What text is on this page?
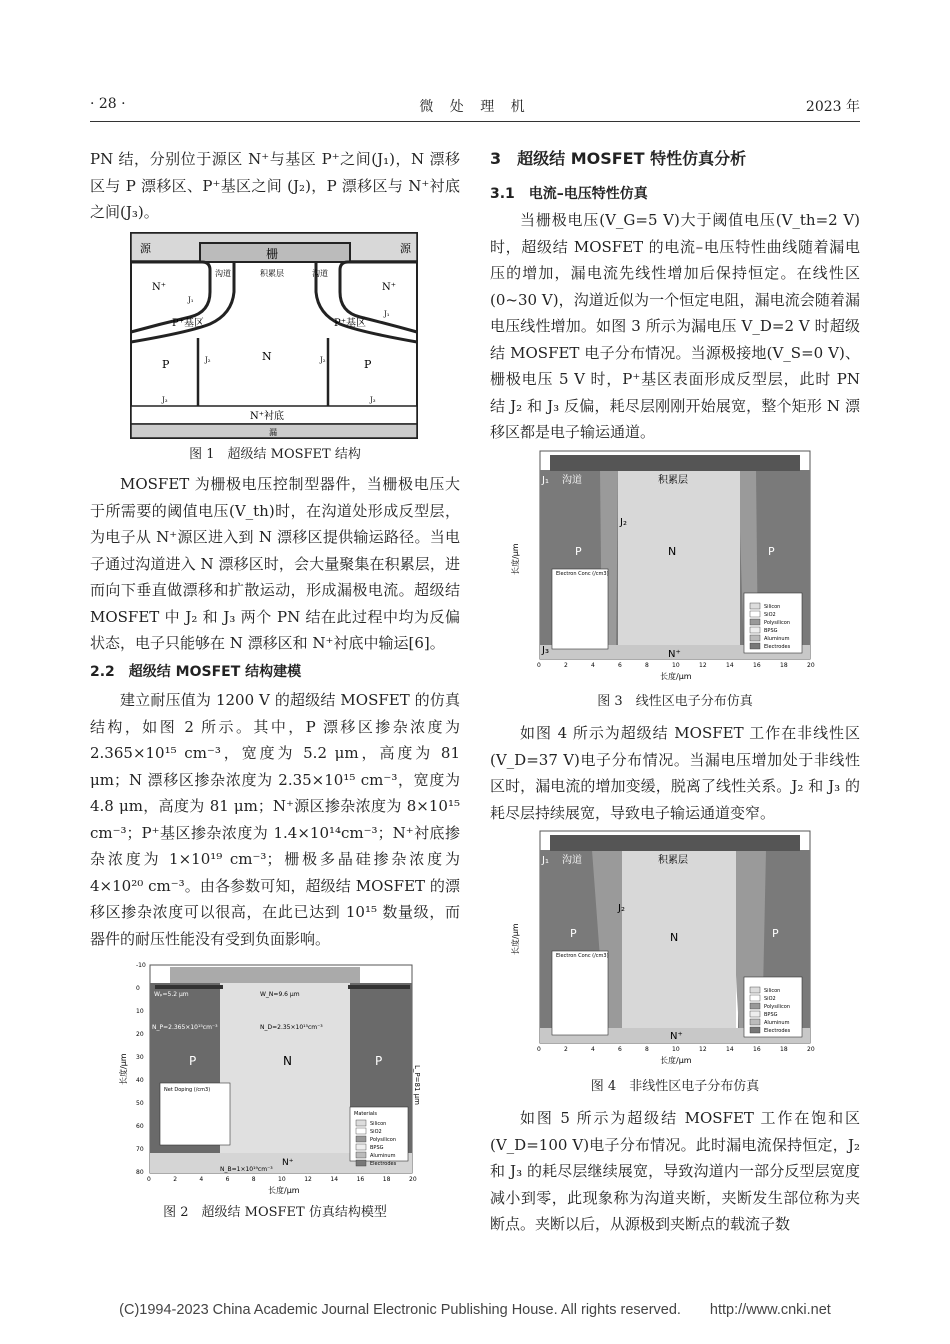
· 28 ·	微 处 理 机	2023 年

PN 结，分别位于源区 N⁺与基区 P⁺之间(J₁)，N 漂移区与 P 漂移区、P⁺基区之间 (J₂)，P 漂移区与 N⁺衬底之间(J₃)。

源	源
栅
沟道	积累层	沟道
N⁺	N⁺
J₁
J₁
P⁺基区	P⁺基区
P
N
P
J₂	J₂
J₃	J₃
N⁺衬底
漏
图 1　超级结 MOSFET 结构

MOSFET 为栅极电压控制型器件，当栅极电压大于所需要的阈值电压(V_th)时，在沟道处形成反型层，为电子从 N⁺源区进入到 N 漂移区提供输运路径。当电子通过沟道进入 N 漂移区时，会大量聚集在积累层，进而向下垂直做漂移和扩散运动，形成漏极电流。超级结 MOSFET 中 J₂ 和 J₃ 两个 PN 结在此过程中均为反偏状态，电子只能够在 N 漂移区和 N⁺衬底中输运[6]。

2.2　超级结 MOSFET 结构建模

建立耐压值为 1200 V 的超级结 MOSFET 的仿真结构，如图 2 所示。其中，P 漂移区掺杂浓度为 2.365×10¹⁵ cm⁻³，宽度为 5.2 μm，高度为 81 μm；N 漂移区掺杂浓度为 2.35×10¹⁵ cm⁻³，宽度为 4.8 μm，高度为 81 μm；N⁺源区掺杂浓度为 8×10¹⁵ cm⁻³；P⁺基区掺杂浓度为 1.4×10¹⁴cm⁻³；N⁺衬底掺杂浓度为 1×10¹⁹ cm⁻³；栅极多晶硅掺杂浓度为 4×10²⁰ cm⁻³。由各参数可知，超级结 MOSFET 的漂移区掺杂浓度可以很高，在此已达到 10¹⁵ 数量级，而器件的耐压性能没有受到负面影响。

Wₚ=5.2 μm	W_N=9.6 μm
N_P=2.365×10¹⁵cm⁻³	N_D=2.35×10¹⁵cm⁻³
P	N	P
L_P=81 μm
N⁺
N_B=1×10¹⁹cm⁻³
Net Doping (/cm3)
Materials
Silicon
SiO2
Polysilicon
BPSG
Aluminum
Electrodes
0	2	4	6	8	10	12	14	16	18	20
-10
0
10
20
30
40
50
60
70
80
长度/μm
长度/μm
图 2　超级结 MOSFET 仿真结构模型

3　超级结 MOSFET 特性仿真分析

3.1　电流–电压特性仿真

当栅极电压(V_G=5 V)大于阈值电压(V_th=2 V)时，超级结 MOSFET 的电流–电压特性曲线随着漏电压的增加，漏电流先线性增加后保持恒定。在线性区(0~30 V)，沟道近似为一个恒定电阻，漏电流会随着漏电压线性增加。如图 3 所示为漏电压 V_D=2 V 时超级结 MOSFET 电子分布情况。当源极接地(V_S=0 V)、栅极电压 5 V 时，P⁺基区表面形成反型层，此时 PN 结 J₂ 和 J₃ 反偏，耗尽层刚刚开始展宽，整个矩形 N 漂移区都是电子输运通道。

Electron Conc (/cm3)
J₁ 沟道	积累层
J₂
P	N	P
J₃	N⁺
Silicon
SiO2
Polysilicon
BPSG
Aluminum
Electrodes
0	2	4	6	8	10	12	14	16	18	20
长度/μm
长度/μm
图 3　线性区电子分布仿真

如图 4 所示为超级结 MOSFET 工作在非线性区(V_D=37 V)电子分布情况。当漏电压增加处于非线性区时，漏电流的增加变缓，脱离了线性关系。J₂ 和 J₃ 的耗尽层持续展宽，导致电子输运通道变窄。

Electron Conc (/cm3)
J₁ 沟道	积累层
J₂
P	N	P
N⁺
Silicon
SiO2
Polysilicon
BPSG
Aluminum
Electrodes
0	2	4	6	8	10	12	14	16	18	20
长度/μm
长度/μm
图 4　非线性区电子分布仿真

如图 5 所示为超级结 MOSFET 工作在饱和区(V_D=100 V)电子分布情况。此时漏电流保持恒定，J₂ 和 J₃ 的耗尽层继续展宽，导致沟道内一部分反型层宽度减小到零，此现象称为沟道夹断，夹断发生部位称为夹断点。夹断以后，从源极到夹断点的载流子数

(C)1994-2023 China Academic Journal Electronic Publishing House. All rights reserved.　　http://www.cnki.net
